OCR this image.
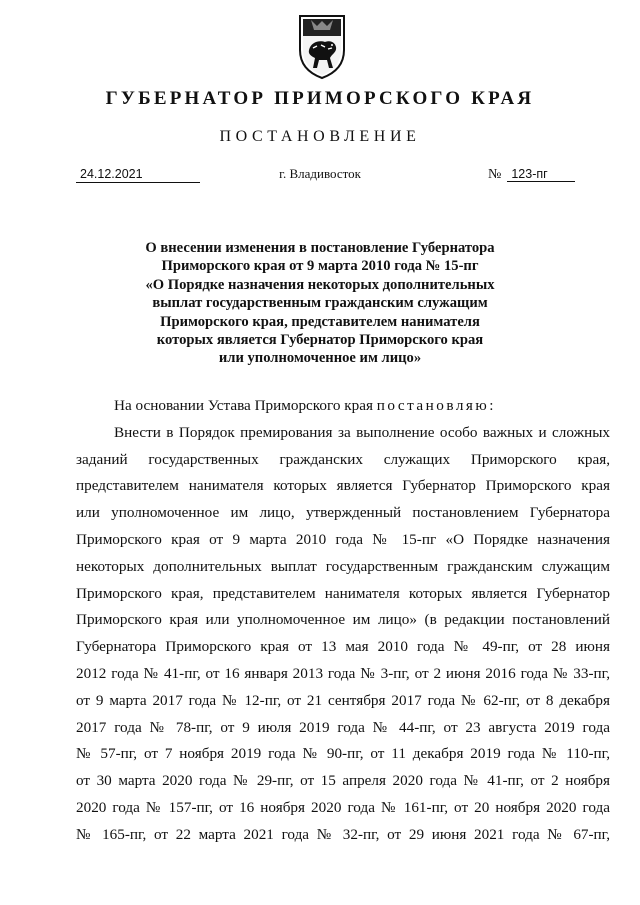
ГУБЕРНАТОР ПРИМОРСКОГО КРАЯ
ПОСТАНОВЛЕНИЕ
24.12.2021	г. Владивосток	№ 123-пг
О внесении изменения в постановление Губернатора
Приморского края от 9 марта 2010 года № 15-пг
«О Порядке назначения некоторых дополнительных
выплат государственным гражданским служащим
Приморского края, представителем нанимателя
которых является Губернатор Приморского края
или уполномоченное им лицо»

На основании Устава Приморского края постановляю:

Внести в Порядок премирования за выполнение особо важных и сложных

заданий государственных гражданских служащих Приморского края,

представителем нанимателя которых является Губернатор Приморского края

или уполномоченное им лицо, утвержденный постановлением Губернатора

Приморского края от 9 марта 2010 года № 15-пг «О Порядке назначения

некоторых дополнительных выплат государственным гражданским служащим

Приморского края, представителем нанимателя которых является Губернатор

Приморского края или уполномоченное им лицо» (в редакции постановлений

Губернатора Приморского края от 13 мая 2010 года № 49-пг, от 28 июня

2012 года № 41-пг, от 16 января 2013 года № 3-пг, от 2 июня 2016 года № 33-пг,

от 9 марта 2017 года № 12-пг, от 21 сентября 2017 года № 62-пг, от 8 декабря

2017 года № 78-пг, от 9 июля 2019 года № 44-пг, от 23 августа 2019 года

№ 57-пг, от 7 ноября 2019 года № 90-пг, от 11 декабря 2019 года № 110-пг,

от 30 марта 2020 года № 29-пг, от 15 апреля 2020 года № 41-пг, от 2 ноября

2020 года № 157-пг, от 16 ноября 2020 года № 161-пг, от 20 ноября 2020 года

№ 165-пг, от 22 марта 2021 года № 32-пг, от 29 июня 2021 года № 67-пг,
